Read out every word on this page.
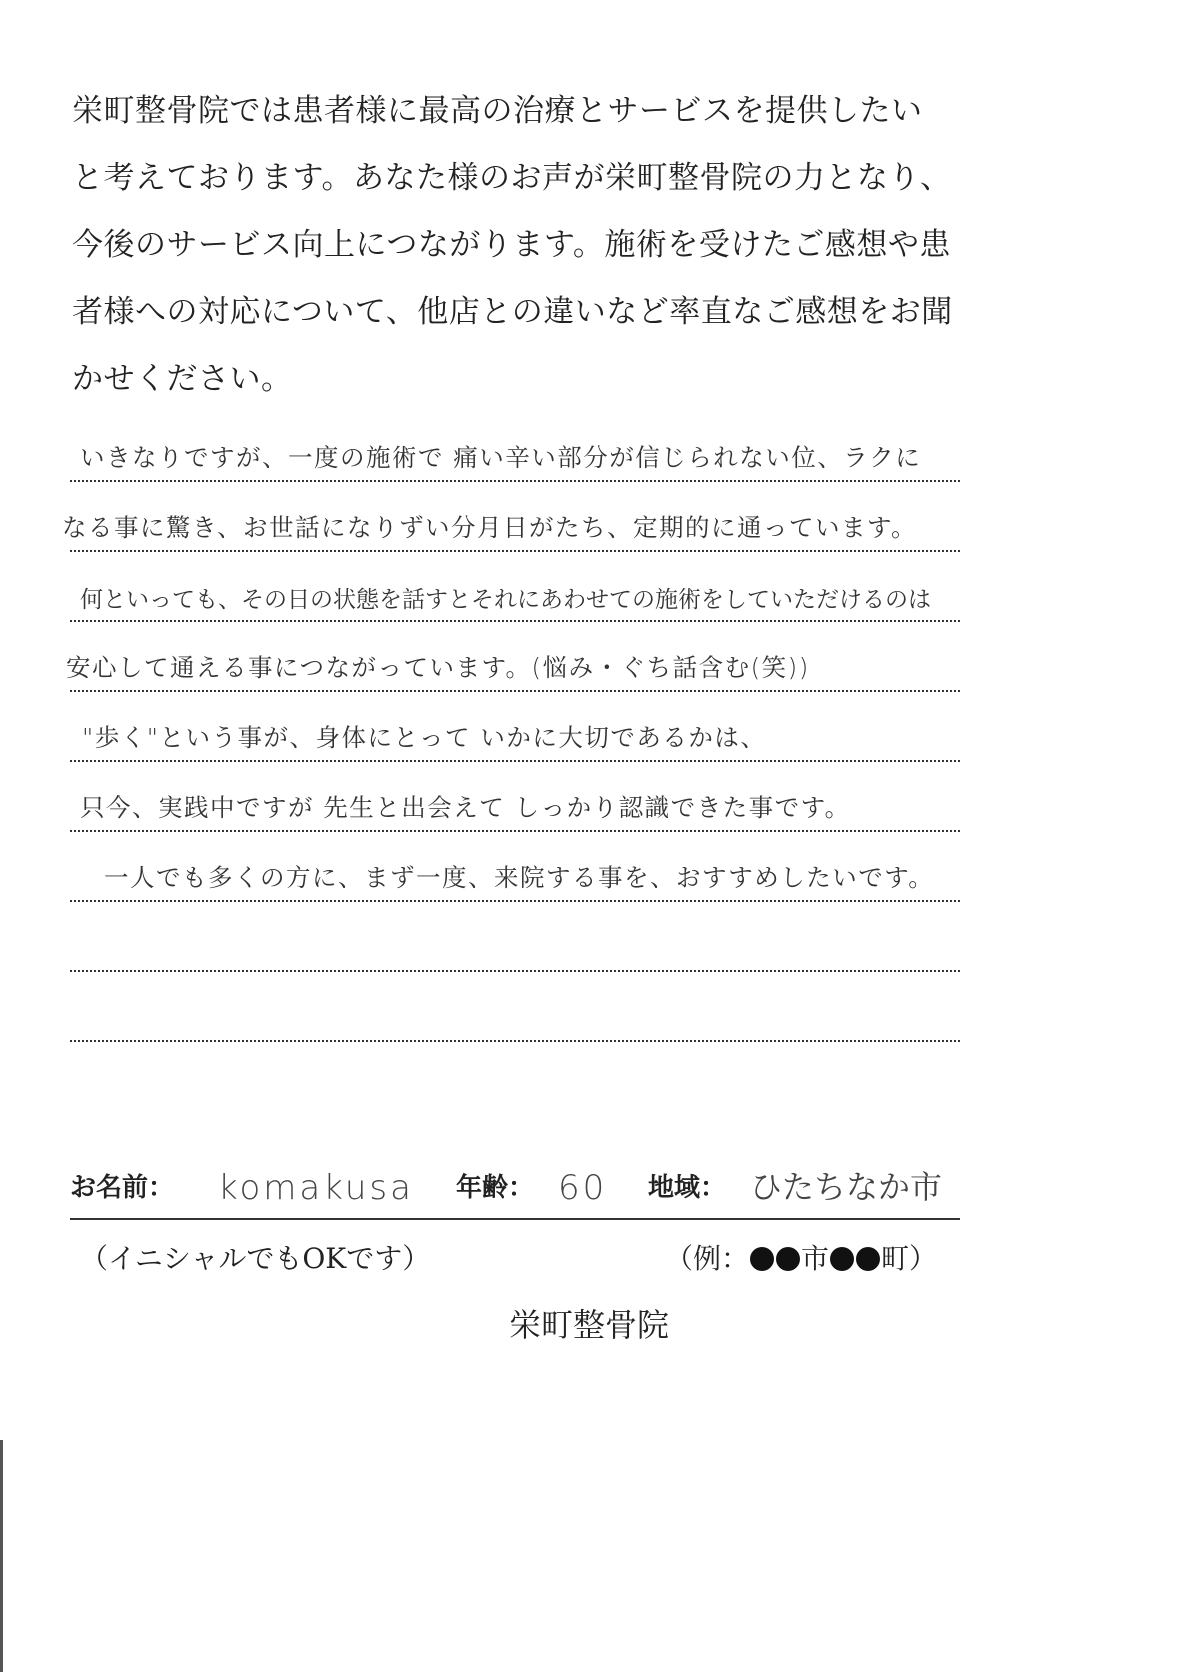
栄町整骨院では患者様に最高の治療とサービスを提供したい

と考えております。あなた様のお声が栄町整骨院の力となり、

今後のサービス向上につながります。施術を受けたご感想や患

者様への対応について、他店との違いなど率直なご感想をお聞

かせください。

いきなりですが、一度の施術で 痛い辛い部分が信じられない位、ラクに
なる事に驚き、お世話になりずい分月日がたち、定期的に通っています。
何といっても、その日の状態を話すとそれにあわせての施術をしていただけるのは
安心して通える事につながっています。(悩み・ぐち話含む(笑))
"歩く"という事が、身体にとって いかに大切であるかは、
只今、実践中ですが 先生と出会えて しっかり認識できた事です。
一人でも多くの方に、まず一度、来院する事を、おすすめしたいです。
お名前： komakusa 年齢： 60 地域： ひたちなか市
（イニシャルでもOKです）	（例： 市 町）
栄町整骨院
